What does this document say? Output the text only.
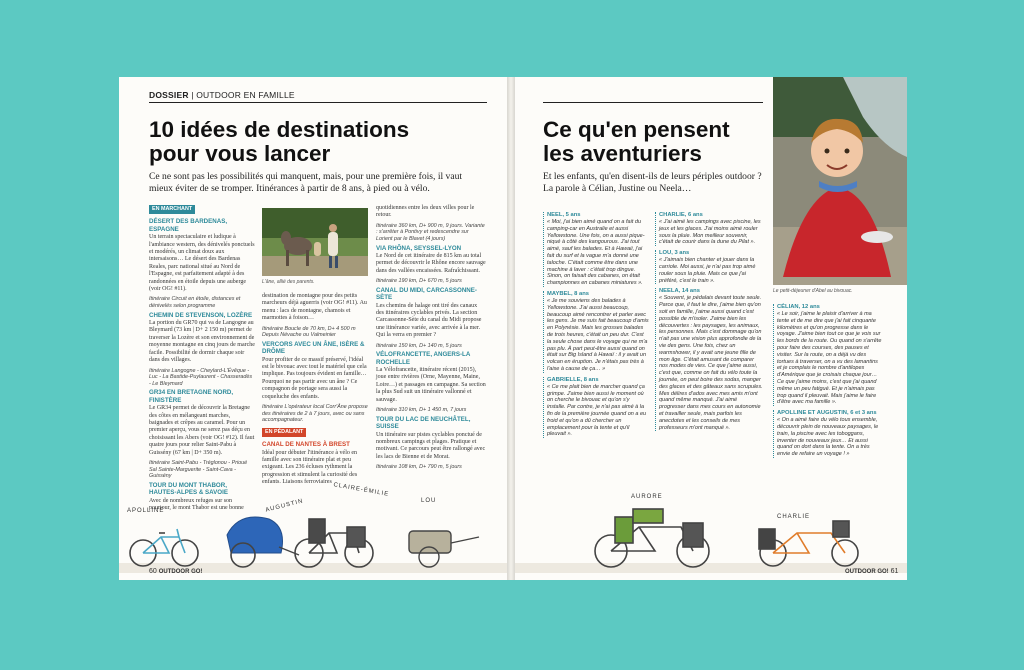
DOSSIER | OUTDOOR EN FAMILLE
10 idées de destinations
pour vous lancer
Ce ne sont pas les possibilités qui manquent, mais, pour une première fois, il vaut mieux éviter de se tromper. Itinérances à partir de 8 ans, à pied ou à vélo.
EN MARCHANT
DÉSERT DES BARDENAS, ESPAGNE

Un terrain spectaculaire et ludique à l'ambiance western, des dénivelés ponctuels et modérés, un climat doux aux intersaisons… Le désert des Bardenas Reales, parc national situé au Nord de l'Espagne, est parfaitement adapté à des randonnées en étoile depuis une auberge (voir OG! #11).

Itinéraire Circuit en étoile, distances et dénivelés selon programme
CHEMIN DE STEVENSON, LOZÈRE

La portion du GR70 qui va de Langogne au Bleymard (73 km | D+ 2 150 m) permet de traverser la Lozère et son environnement de moyenne montagne en cinq jours de marche facile. Possibilité de dormir chaque soir dans des villages.

Itinéraire Langogne - Cheylard-L'Évêque - Luc - La Bastide-Puylaurent - Chasseradès - Le Bleymard
GR34 EN BRETAGNE NORD, FINISTÈRE

Le GR34 permet de découvrir la Bretagne des côtes en mélangeant marches, baignades et crêpes au caramel. Pour un premier aperçu, vous ne serez pas déçu en choisissant les Abers (voir OG! #12). Il faut quatre jours pour relier Saint-Pabu à Guissény (67 km | D+ 350 m).

Itinéraire Saint-Pabu - Tréglonou - Prioué Sal Sainte-Marguerite - Saint-Cava - Guissény
TOUR DU MONT THABOR, HAUTES-ALPES & SAVOIE

Avec de nombreux refuges sur son pourtour, le mont Thabor est une bonne

L'âne, allié des parents.

destination de montagne pour des petits marcheurs déjà aguerris (voir OG! #11). Au menu : lacs de montagne, chamois et marmottes à foison…

Itinéraire Boucle de 70 km, D+ 4 500 m Depuis Névache ou Valmeinier
VERCORS AVEC UN ÂNE, ISÈRE & DRÔME

Pour profiter de ce massif préservé, l'idéal est le bivouac avec tout le matériel que cela implique. Pas toujours évident en famille… Pourquoi ne pas partir avec un âne ? Ce compagnon de portage sera aussi la coqueluche des enfants.

Itinéraire L'opérateur local Corr'Âne propose des itinéraires de 2 à 7 jours, avec ou sans accompagnateur.
EN PÉDALANT
CANAL DE NANTES À BREST

Idéal pour débuter l'itinérance à vélo en famille avec son itinéraire plat et peu exigeant. Les 236 écluses rythment la progression et stimulent la curiosité des enfants. Liaisons ferroviaires

quotidiennes entre les deux villes pour le retour.

Itinéraire 360 km, D+ 900 m, 9 jours. Variante : s'arrêter à Pontivy et redescendre sur Lorient par le Blavet (4 jours)
VIA RHÔNA, SEYSSEL-LYON

Le Nord de cet itinéraire de 815 km au total permet de découvrir le Rhône encore sauvage dans des vallées encaissées. Rafraîchissant.

Itinéraire 190 km, D+ 670 m, 5 jours
CANAL DU MIDI, CARCASSONNE-SÈTE

Les chemins de halage ont tiré des canaux des itinéraires cyclables privés. La section Carcassonne-Sète du canal du Midi propose une itinérance variée, avec arrivée à la mer. Qui la verra en premier ?

Itinéraire 150 km, D+ 140 m, 5 jours
VÉLOFRANCETTE, ANGERS-LA ROCHELLE

La Vélofrancette, itinéraire récent (2015), joue entre rivières (Orne, Mayenne, Maine, Loire…) et passages en campagne. Sa section la plus Sud suit un itinéraire vallonné et sauvage.

Itinéraire 310 km, D+ 1 450 m, 7 jours
TOUR DU LAC DE NEUCHÂTEL, SUISSE

Un itinéraire sur pistes cyclables ponctué de nombreux campings et plages. Pratique et motivant. Ce parcours peut être rallongé avec les lacs de Bienne et de Morat.

Itinéraire 108 km, D+ 790 m, 5 jours
APOLLINE	AUGUSTIN
CLAIRE-ÉMILIE
LOU
60 OUTDOOR GO!
Ce qu'en pensent
les aventuriers
Et les enfants, qu'en disent-ils de leurs périples outdoor ? La parole à Célian, Justine ou Neela…
Le petit-déjeuner d'Abel au bivouac.
NEEL, 5 ans
« Moi, j'ai bien aimé quand on a fait du camping-car en Australie et aussi Yellowstone. Une fois, on a aussi pique-niqué à côté des kangourous. J'ai tout aimé, sauf les balades. Et à Hawaii, j'ai fait du surf et la vague m'a donné une taloche. C'était comme être dans une machine à laver : c'était trop dingue. Sinon, on faisait des cabanes, on était championnes en cabanes miniatures ».
MAYBEL, 8 ans
« Je me souviens des balades à Yellowstone. J'ai aussi beaucoup, beaucoup aimé rencontrer et parler avec les gens. Je me suis fait beaucoup d'amis en Polynésie. Mais les grosses balades de trois heures, c'était un peu dur. C'est la seule chose dans le voyage qui ne m'a pas plu. À part peut-être aussi quand on était sur Big Island à Hawaï : il y avait un volcan en éruption. Je n'étais pas très à l'aise à cause de ça… »
GABRIELLE, 8 ans
« Ce me plait bien de marcher quand ça grimpe. J'aime bien aussi le moment où on cherche le bivouac et qu'on s'y installe. Par contre, je n'ai pas aimé à la fin de la première journée quand on a eu froid et qu'on a dû chercher un emplacement pour la tente et qu'il pleuvait ».
CHARLIE, 6 ans
« J'ai aimé les campings avec piscine, les jeux et les glaces. J'ai moins aimé rouler sous la pluie. Mon meilleur souvenir, c'était de courir dans la dune du Pilat ».
LOU, 3 ans
« J'aimais bien chanter et jouer dans la carriole. Moi aussi, je n'ai pas trop aimé rouler sous la pluie. Mais ce que j'ai préféré, c'est le train ».
NEELA, 14 ans
« Souvent, je pédalais devant toute seule. Parce que, il faut le dire, j'aime bien qu'on soit en famille, j'aime aussi quand c'est possible de m'isoler. J'aime bien les découvertes : les paysages, les animaux, les personnes. Mais c'est dommage qu'on n'ait pas une vision plus approfondie de la vie des gens. Une fois, chez un warmshower, il y avait une jeune fille de mon âge. C'était amusant de comparer nos modes de vies. Ce que j'aime aussi, c'est que, comme on fait du vélo toute la journée, on peut boire des sodas, manger des glaces et des gâteaux sans scrupules. Mes délires d'ados avec mes amis m'ont quand même manqué. J'ai aimé progresser dans mes cours en autonomie et travailler seule, mais parfois les anecdotes et les conseils de mes professeurs m'ont manqué ».
CÉLIAN, 12 ans
« Le soir, j'aime le plaisir d'arriver à ma tente et de me dire que j'ai fait cinquante kilomètres et qu'on progresse dans le voyage. J'aime bien tout ce que je vois sur les bords de la route. Ou quand on s'arrête pour faire des courses, des pauses et visiter. Sur la route, on a déjà vu des tortues à traverser, on a vu des lamantins et je complais le nombre d'antilopes d'Amérique que je croisais chaque jour… Ce que j'aime moins, c'est que j'ai quand même un peu fatigué. Et je n'aimais pas trop quand il pleuvait. Mais j'aime le faire d'être avec ma famille ».
APOLLINE ET AUGUSTIN, 6 et 3 ans
« On a aimé faire du vélo tous ensemble, découvrir plein de nouveaux paysages, le train, la piscine avec les toboggans, inventer de nouveaux jeux… Et aussi quand on dort dans la tente. On a très envie de refaire un voyage ! »
AURORE
CHARLIE
OUTDOOR GO! 61
